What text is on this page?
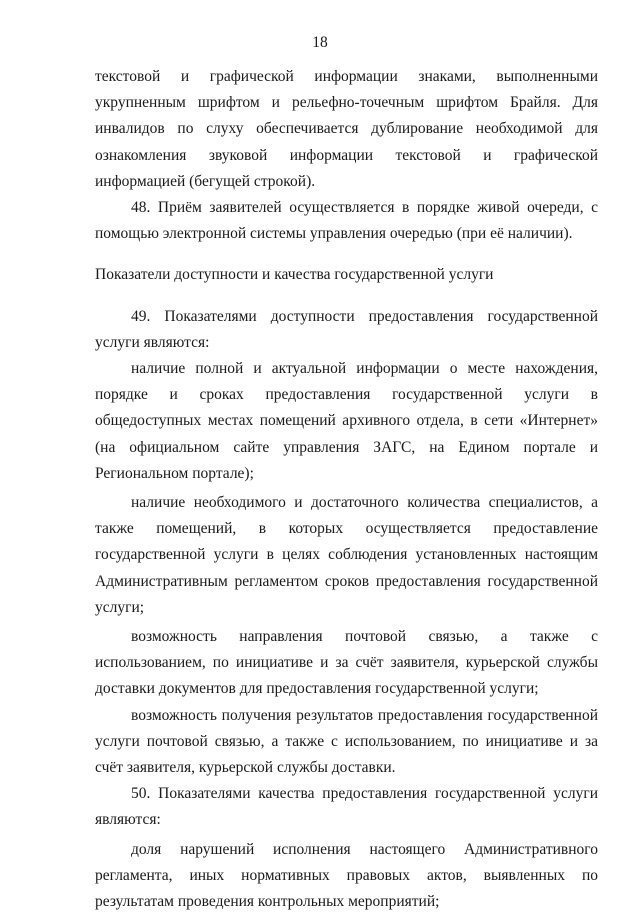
18

текстовой и графической информации знаками, выполненными укрупненным шрифтом и рельефно-точечным шрифтом Брайля. Для инвалидов по слуху обеспечивается дублирование необходимой для ознакомления звуковой информации текстовой и графической информацией (бегущей строкой).

48. Приём заявителей осуществляется в порядке живой очереди, с помощью электронной системы управления очередью (при её наличии).

Показатели доступности и качества государственной услуги

49. Показателями доступности предоставления государственной услуги являются:

наличие полной и актуальной информации о месте нахождения, порядке и сроках предоставления государственной услуги в общедоступных местах помещений архивного отдела, в сети «Интернет» (на официальном сайте управления ЗАГС, на Едином портале и Региональном портале);

наличие необходимого и достаточного количества специалистов, а также помещений, в которых осуществляется предоставление государственной услуги в целях соблюдения установленных настоящим Административным регламентом сроков предоставления государственной услуги;

возможность направления почтовой связью, а также с использованием, по инициативе и за счёт заявителя, курьерской службы доставки документов для предоставления государственной услуги;

возможность получения результатов предоставления государственной услуги почтовой связью, а также с использованием, по инициативе и за счёт заявителя, курьерской службы доставки.

50. Показателями качества предоставления государственной услуги являются:

доля нарушений исполнения настоящего Административного регламента, иных нормативных правовых актов, выявленных по результатам проведения контрольных мероприятий;
